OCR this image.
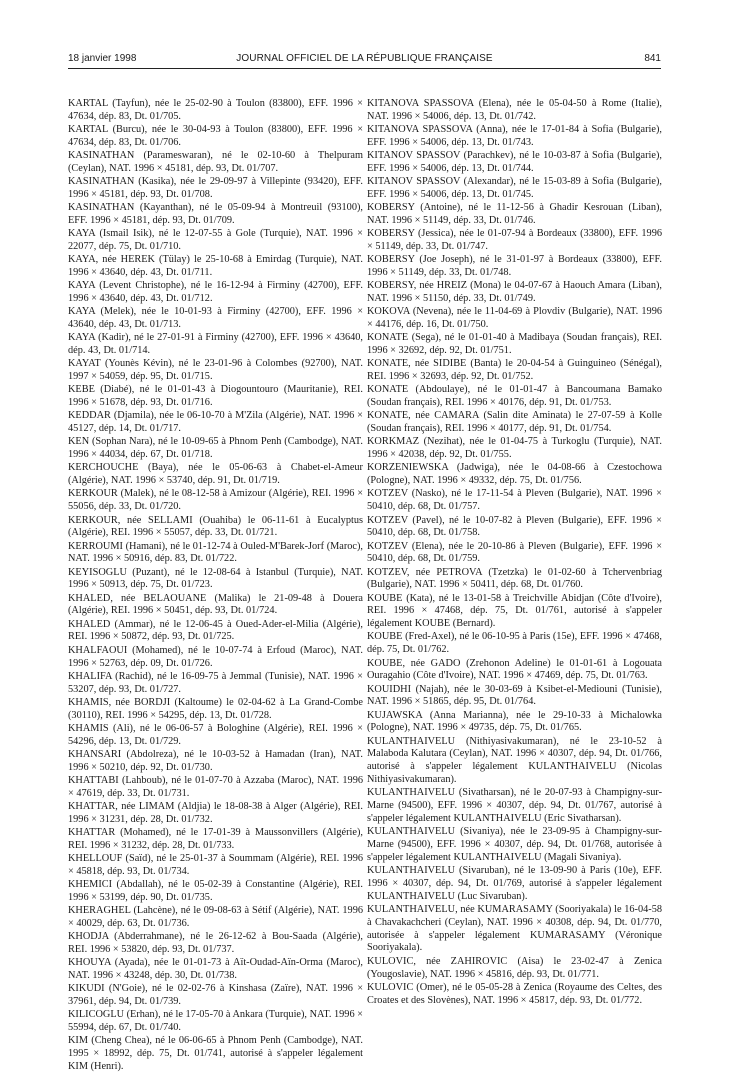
18 janvier 1998	JOURNAL OFFICIEL DE LA RÉPUBLIQUE FRANÇAISE	841

KARTAL (Tayfun), née le 25-02-90 à Toulon (83800), EFF. 1996 × 47634, dép. 83, Dt. 01/705.

KARTAL (Burcu), née le 30-04-93 à Toulon (83800), EFF. 1996 × 47634, dép. 83, Dt. 01/706.

KASINATHAN (Parameswaran), né le 02-10-60 à Thelpuram (Ceylan), NAT. 1996 × 45181, dép. 93, Dt. 01/707.

KASINATHAN (Kasika), née le 29-09-97 à Villepinte (93420), EFF. 1996 × 45181, dép. 93, Dt. 01/708.

KASINATHAN (Kayanthan), né le 05-09-94 à Montreuil (93100), EFF. 1996 × 45181, dép. 93, Dt. 01/709.

KAYA (Ismail Isik), né le 12-07-55 à Gole (Turquie), NAT. 1996 × 22077, dép. 75, Dt. 01/710.

KAYA, née HEREK (Tülay) le 25-10-68 à Emirdag (Turquie), NAT. 1996 × 43640, dép. 43, Dt. 01/711.

KAYA (Levent Christophe), né le 16-12-94 à Firminy (42700), EFF. 1996 × 43640, dép. 43, Dt. 01/712.

KAYA (Melek), née le 10-01-93 à Firminy (42700), EFF. 1996 × 43640, dép. 43, Dt. 01/713.

KAYA (Kadir), né le 27-01-91 à Firminy (42700), EFF. 1996 × 43640, dép. 43, Dt. 01/714.

KAYAT (Younès Kévin), né le 23-01-96 à Colombes (92700), NAT. 1997 × 54059, dép. 95, Dt. 01/715.

KEBE (Diabé), né le 01-01-43 à Diogountouro (Mauritanie), REI. 1996 × 51678, dép. 93, Dt. 01/716.

KEDDAR (Djamila), née le 06-10-70 à M'Zila (Algérie), NAT. 1996 × 45127, dép. 14, Dt. 01/717.

KEN (Sophan Nara), né le 10-09-65 à Phnom Penh (Cambodge), NAT. 1996 × 44034, dép. 67, Dt. 01/718.

KERCHOUCHE (Baya), née le 05-06-63 à Chabet-el-Ameur (Algérie), NAT. 1996 × 53740, dép. 91, Dt. 01/719.

KERKOUR (Malek), né le 08-12-58 à Amizour (Algérie), REI. 1996 × 55056, dép. 33, Dt. 01/720.

KERKOUR, née SELLAMI (Ouahiba) le 06-11-61 à Eucalyptus (Algérie), REI. 1996 × 55057, dép. 33, Dt. 01/721.

KERROUMI (Hamani), né le 01-12-74 à Ouled-M'Barek-Jorf (Maroc), NAT. 1996 × 50916, dép. 83, Dt. 01/722.

KEYISOGLU (Puzant), né le 12-08-64 à Istanbul (Turquie), NAT. 1996 × 50913, dép. 75, Dt. 01/723.

KHALED, née BELAOUANE (Malika) le 21-09-48 à Douera (Algérie), REI. 1996 × 50451, dép. 93, Dt. 01/724.

KHALED (Ammar), né le 12-06-45 à Oued-Ader-el-Milia (Algérie), REI. 1996 × 50872, dép. 93, Dt. 01/725.

KHALFAOUI (Mohamed), né le 10-07-74 à Erfoud (Maroc), NAT. 1996 × 52763, dép. 09, Dt. 01/726.

KHALIFA (Rachid), né le 16-09-75 à Jemmal (Tunisie), NAT. 1996 × 53207, dép. 93, Dt. 01/727.

KHAMIS, née BORDJI (Kaltoume) le 02-04-62 à La Grand-Combe (30110), REI. 1996 × 54295, dép. 13, Dt. 01/728.

KHAMIS (Ali), né le 06-06-57 à Bologhine (Algérie), REI. 1996 × 54296, dép. 13, Dt. 01/729.

KHANSARI (Abdolreza), né le 10-03-52 à Hamadan (Iran), NAT. 1996 × 50210, dép. 92, Dt. 01/730.

KHATTABI (Lahboub), né le 01-07-70 à Azzaba (Maroc), NAT. 1996 × 47619, dép. 33, Dt. 01/731.

KHATTAR, née LIMAM (Aldjia) le 18-08-38 à Alger (Algérie), REI. 1996 × 31231, dép. 28, Dt. 01/732.

KHATTAR (Mohamed), né le 17-01-39 à Maussonvillers (Algérie), REI. 1996 × 31232, dép. 28, Dt. 01/733.

KHELLOUF (Saïd), né le 25-01-37 à Soummam (Algérie), REI. 1996 × 45818, dép. 93, Dt. 01/734.

KHEMICI (Abdallah), né le 05-02-39 à Constantine (Algérie), REI. 1996 × 53199, dép. 90, Dt. 01/735.

KHERAGHEL (Lahcène), né le 09-08-63 à Sétif (Algérie), NAT. 1996 × 40029, dép. 63, Dt. 01/736.

KHODJA (Abderrahmane), né le 26-12-62 à Bou-Saada (Algérie), REI. 1996 × 53820, dép. 93, Dt. 01/737.

KHOUYA (Ayada), née le 01-01-73 à Aït-Oudad-Aïn-Orma (Maroc), NAT. 1996 × 43248, dép. 30, Dt. 01/738.

KIKUDI (N'Goie), né le 02-02-76 à Kinshasa (Zaïre), NAT. 1996 × 37961, dép. 94, Dt. 01/739.

KILICOGLU (Erhan), né le 17-05-70 à Ankara (Turquie), NAT. 1996 × 55994, dép. 67, Dt. 01/740.

KIM (Cheng Chea), né le 06-06-65 à Phnom Penh (Cambodge), NAT. 1995 × 18992, dép. 75, Dt. 01/741, autorisé à s'appeler légalement KIM (Henri).

KITANOVA SPASSOVA (Elena), née le 05-04-50 à Rome (Italie), NAT. 1996 × 54006, dép. 13, Dt. 01/742.

KITANOVA SPASSOVA (Anna), née le 17-01-84 à Sofia (Bulgarie), EFF. 1996 × 54006, dép. 13, Dt. 01/743.

KITANOV SPASSOV (Parachkev), né le 10-03-87 à Sofia (Bulgarie), EFF. 1996 × 54006, dép. 13, Dt. 01/744.

KITANOV SPASSOV (Alexandar), né le 15-03-89 à Sofia (Bulgarie), EFF. 1996 × 54006, dép. 13, Dt. 01/745.

KOBERSY (Antoine), né le 11-12-56 à Ghadir Kesrouan (Liban), NAT. 1996 × 51149, dép. 33, Dt. 01/746.

KOBERSY (Jessica), née le 01-07-94 à Bordeaux (33800), EFF. 1996 × 51149, dép. 33, Dt. 01/747.

KOBERSY (Joe Joseph), né le 31-01-97 à Bordeaux (33800), EFF. 1996 × 51149, dép. 33, Dt. 01/748.

KOBERSY, née HREIZ (Mona) le 04-07-67 à Haouch Amara (Liban), NAT. 1996 × 51150, dép. 33, Dt. 01/749.

KOKOVA (Nevena), née le 11-04-69 à Plovdiv (Bulgarie), NAT. 1996 × 44176, dép. 16, Dt. 01/750.

KONATE (Sega), né le 01-01-40 à Madibaya (Soudan français), REI. 1996 × 32692, dép. 92, Dt. 01/751.

KONATE, née SIDIBE (Banta) le 20-04-54 à Guinguineo (Sénégal), REI. 1996 × 32693, dép. 92, Dt. 01/752.

KONATE (Abdoulaye), né le 01-01-47 à Bancoumana Bamako (Soudan français), REI. 1996 × 40176, dép. 91, Dt. 01/753.

KONATE, née CAMARA (Salin dite Aminata) le 27-07-59 à Kolle (Soudan français), REI. 1996 × 40177, dép. 91, Dt. 01/754.

KORKMAZ (Nezihat), née le 01-04-75 à Turkoglu (Turquie), NAT. 1996 × 42038, dép. 92, Dt. 01/755.

KORZENIEWSKA (Jadwiga), née le 04-08-66 à Czestochowa (Pologne), NAT. 1996 × 49332, dép. 75, Dt. 01/756.

KOTZEV (Nasko), né le 17-11-54 à Pleven (Bulgarie), NAT. 1996 × 50410, dép. 68, Dt. 01/757.

KOTZEV (Pavel), né le 10-07-82 à Pleven (Bulgarie), EFF. 1996 × 50410, dép. 68, Dt. 01/758.

KOTZEV (Elena), née le 20-10-86 à Pleven (Bulgarie), EFF. 1996 × 50410, dép. 68, Dt. 01/759.

KOTZEV, née PETROVA (Tzetzka) le 01-02-60 à Tchervenbriag (Bulgarie), NAT. 1996 × 50411, dép. 68, Dt. 01/760.

KOUBE (Kata), né le 13-01-58 à Treichville Abidjan (Côte d'Ivoire), REI. 1996 × 47468, dép. 75, Dt. 01/761, autorisé à s'appeler légalement KOUBE (Bernard).

KOUBE (Fred-Axel), né le 06-10-95 à Paris (15e), EFF. 1996 × 47468, dép. 75, Dt. 01/762.

KOUBE, née GADO (Zrehonon Adeline) le 01-01-61 à Logouata Ouragahio (Côte d'Ivoire), NAT. 1996 × 47469, dép. 75, Dt. 01/763.

KOUIDHI (Najah), née le 30-03-69 à Ksibet-el-Mediouni (Tunisie), NAT. 1996 × 51865, dép. 95, Dt. 01/764.

KUJAWSKA (Anna Marianna), née le 29-10-33 à Michalowka (Pologne), NAT. 1996 × 49735, dép. 75, Dt. 01/765.

KULANTHAIVELU (Nithiyasivakumaran), né le 23-10-52 à Malaboda Kalutara (Ceylan), NAT. 1996 × 40307, dép. 94, Dt. 01/766, autorisé à s'appeler légalement KULANTHAIVELU (Nicolas Nithiyasivakumaran).

KULANTHAIVELU (Sivatharsan), né le 20-07-93 à Champigny-sur-Marne (94500), EFF. 1996 × 40307, dép. 94, Dt. 01/767, autorisé à s'appeler légalement KULANTHAIVELU (Eric Sivatharsan).

KULANTHAIVELU (Sivaniya), née le 23-09-95 à Champigny-sur-Marne (94500), EFF. 1996 × 40307, dép. 94, Dt. 01/768, autorisée à s'appeler légalement KULANTHAIVELU (Magali Sivaniya).

KULANTHAIVELU (Sivaruban), né le 13-09-90 à Paris (10e), EFF. 1996 × 40307, dép. 94, Dt. 01/769, autorisé à s'appeler légalement KULANTHAIVELU (Luc Sivaruban).

KULANTHAIVELU, née KUMARASAMY (Sooriyakala) le 16-04-58 à Chavakachcheri (Ceylan), NAT. 1996 × 40308, dép. 94, Dt. 01/770, autorisée à s'appeler légalement KUMARASAMY (Véronique Sooriyakala).

KULOVIC, née ZAHIROVIC (Aisa) le 23-02-47 à Zenica (Yougoslavie), NAT. 1996 × 45816, dép. 93, Dt. 01/771.

KULOVIC (Omer), né le 05-05-28 à Zenica (Royaume des Celtes, des Croates et des Slovènes), NAT. 1996 × 45817, dép. 93, Dt. 01/772.
